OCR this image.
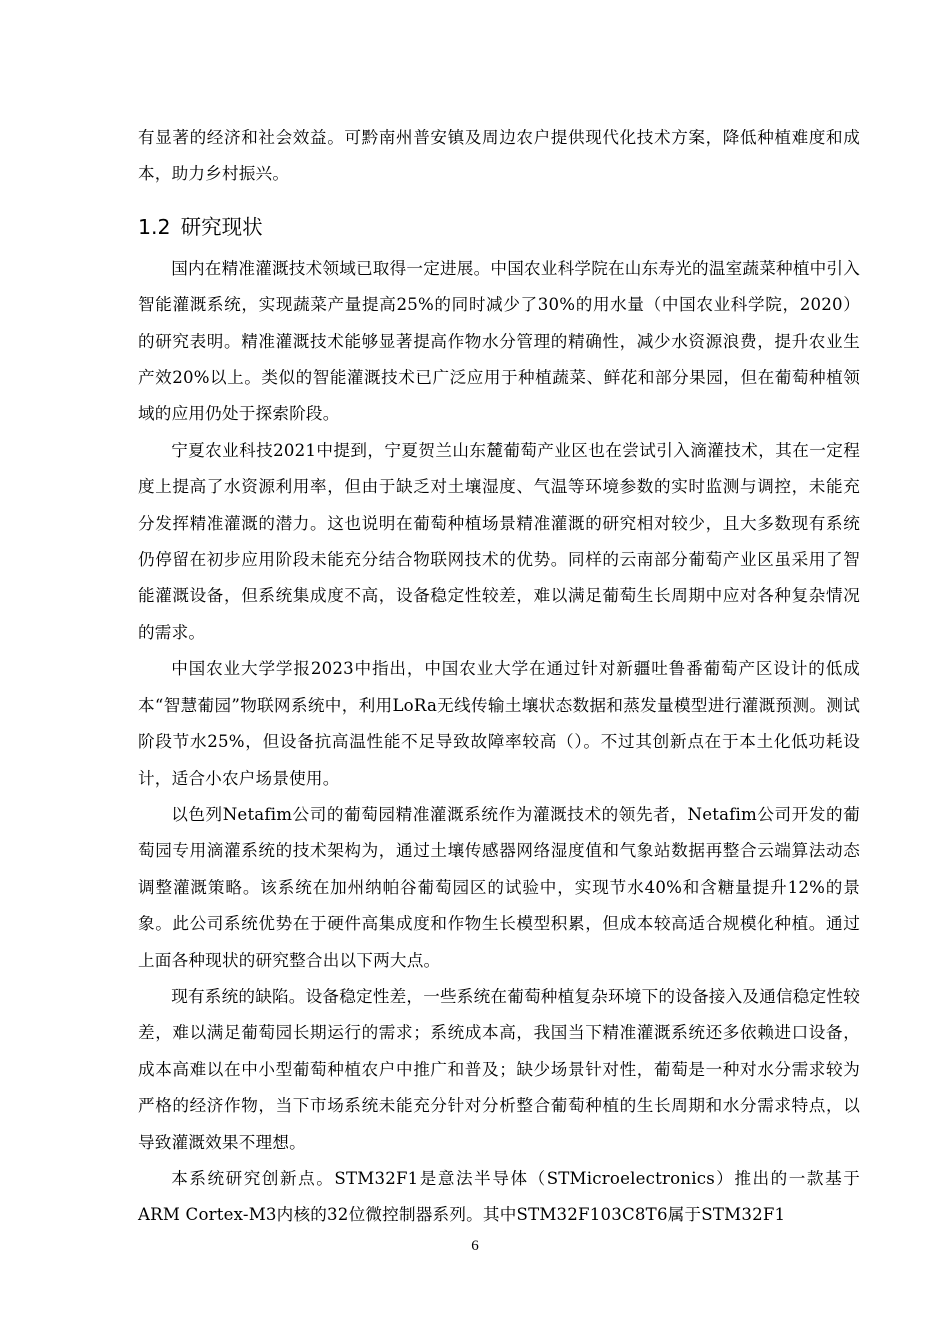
有显著的经济和社会效益。可黔南州普安镇及周边农户提供现代化技术方案，降低种植难度和成本，助力乡村振兴。

1.2 研究现状

国内在精准灌溉技术领域已取得一定进展。中国农业科学院在山东寿光的温室蔬菜种植中引入智能灌溉系统，实现蔬菜产量提高25%的同时减少了30%的用水量（中国农业科学院，2020）的研究表明。精准灌溉技术能够显著提高作物水分管理的精确性，减少水资源浪费，提升农业生产效20%以上。类似的智能灌溉技术已广泛应用于种植蔬菜、鲜花和部分果园，但在葡萄种植领域的应用仍处于探索阶段。

宁夏农业科技2021中提到，宁夏贺兰山东麓葡萄产业区也在尝试引入滴灌技术，其在一定程度上提高了水资源利用率，但由于缺乏对土壤湿度、气温等环境参数的实时监测与调控，未能充分发挥精准灌溉的潜力。这也说明在葡萄种植场景精准灌溉的研究相对较少，且大多数现有系统仍停留在初步应用阶段未能充分结合物联网技术的优势。同样的云南部分葡萄产业区虽采用了智能灌溉设备，但系统集成度不高，设备稳定性较差，难以满足葡萄生长周期中应对各种复杂情况的需求。

中国农业大学学报2023中指出，中国农业大学在通过针对新疆吐鲁番葡萄产区设计的低成本“智慧葡园”物联网系统中，利用LoRa无线传输土壤状态数据和蒸发量模型进行灌溉预测。测试阶段节水25%，但设备抗高温性能不足导致故障率较高（）。不过其创新点在于本土化低功耗设计，适合小农户场景使用。

以色列Netafim公司的葡萄园精准灌溉系统作为灌溉技术的领先者，Netafim公司开发的葡萄园专用滴灌系统的技术架构为，通过土壤传感器网络湿度值和气象站数据再整合云端算法动态调整灌溉策略。该系统在加州纳帕谷葡萄园区的试验中，实现节水40%和含糖量提升12%的景象。此公司系统优势在于硬件高集成度和作物生长模型积累，但成本较高适合规模化种植。通过上面各种现状的研究整合出以下两大点。

现有系统的缺陷。设备稳定性差，一些系统在葡萄种植复杂环境下的设备接入及通信稳定性较差，难以满足葡萄园长期运行的需求；系统成本高，我国当下精准灌溉系统还多依赖进口设备，成本高难以在中小型葡萄种植农户中推广和普及；缺少场景针对性，葡萄是一种对水分需求较为严格的经济作物，当下市场系统未能充分针对分析整合葡萄种植的生长周期和水分需求特点，以导致灌溉效果不理想。

本系统研究创新点。STM32F1是意法半导体（STMicroelectronics）推出的一款基于ARM Cortex-M3内核的32位微控制器系列。其中STM32F103C8T6属于STM32F1

6
